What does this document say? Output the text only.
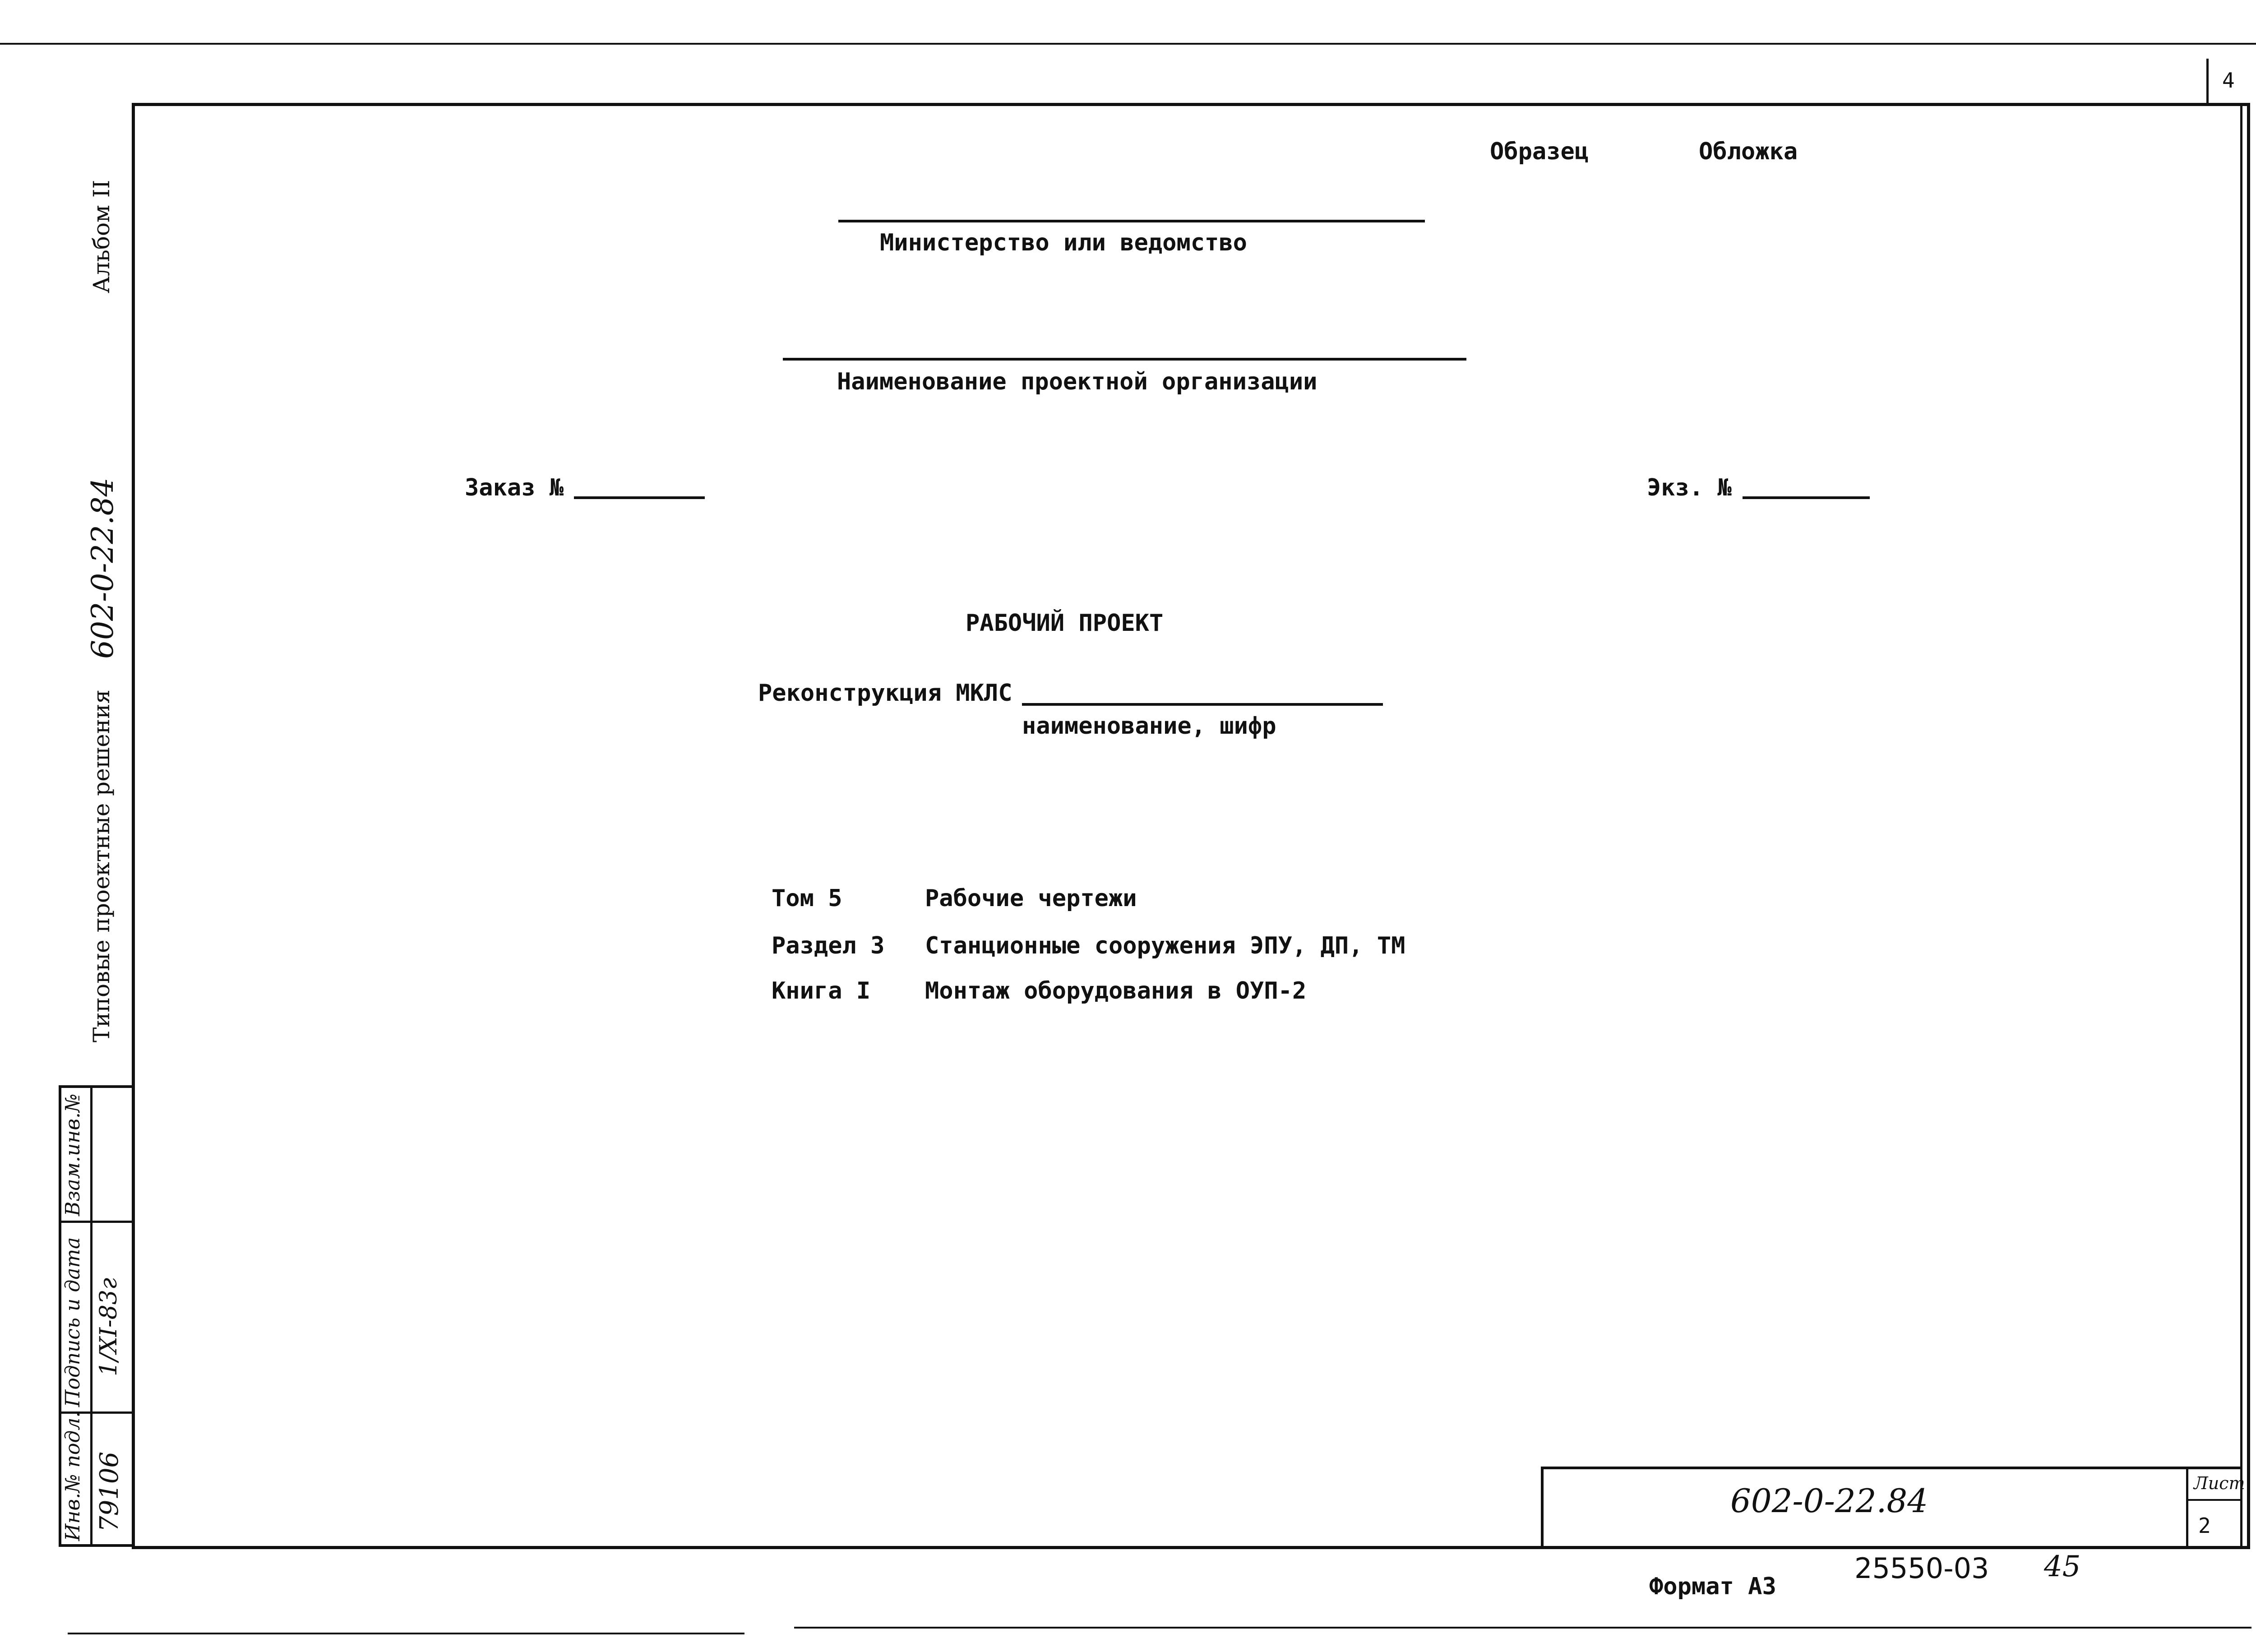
4
Образец	Обложка
Министерство или ведомство
Наименование проектной организации
Заказ №	Экз. №
РАБОЧИЙ ПРОЕКТ
Реконструкция МКЛС
наименование, шифр
Том 5	Рабочие чертежи
Раздел 3 Станционные сооружения ЭПУ, ДП, ТМ
Книга I Монтаж оборудования в ОУП-2
Альбом II
Типовые проектные решения
602-0-22.84
Взам.инв.№
Подпись и дата 1/XI-83г
Инв.№ подл. 79106	602-0-22.84	Лист
2
Формат А3
25550-03 45
